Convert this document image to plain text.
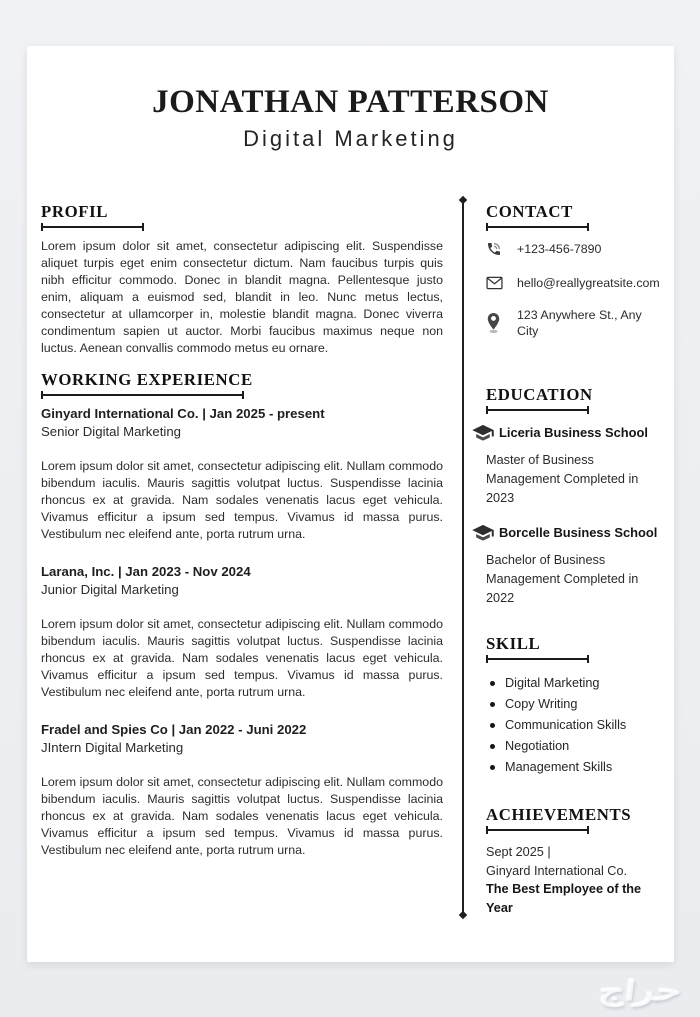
JONATHAN PATTERSON
Digital Marketing
PROFIL

Lorem ipsum dolor sit amet, consectetur adipiscing elit. Suspendisse aliquet turpis eget enim consectetur dictum. Nam faucibus turpis quis nibh efficitur commodo. Donec in blandit magna. Pellentesque justo enim, aliquam a euismod sed, blandit in leo. Nunc metus lectus, consectetur at ullamcorper in, molestie blandit magna. Donec viverra condimentum sapien ut auctor. Morbi faucibus maximus neque non luctus. Aenean convallis commodo metus eu ornare.

WORKING EXPERIENCE
Ginyard International Co. | Jan 2025 - present
Senior Digital Marketing

Lorem ipsum dolor sit amet, consectetur adipiscing elit. Nullam commodo bibendum iaculis. Mauris sagittis volutpat luctus. Suspendisse lacinia rhoncus ex at gravida. Nam sodales venenatis lacus eget vehicula. Vivamus efficitur a ipsum sed tempus. Vivamus id massa purus. Vestibulum nec eleifend ante, porta rutrum urna.

Larana, Inc. | Jan 2023 - Nov 2024
Junior Digital Marketing

Lorem ipsum dolor sit amet, consectetur adipiscing elit. Nullam commodo bibendum iaculis. Mauris sagittis volutpat luctus. Suspendisse lacinia rhoncus ex at gravida. Nam sodales venenatis lacus eget vehicula. Vivamus efficitur a ipsum sed tempus. Vivamus id massa purus. Vestibulum nec eleifend ante, porta rutrum urna.

Fradel and Spies Co | Jan 2022 - Juni 2022
JIntern Digital Marketing

Lorem ipsum dolor sit amet, consectetur adipiscing elit. Nullam commodo bibendum iaculis. Mauris sagittis volutpat luctus. Suspendisse lacinia rhoncus ex at gravida. Nam sodales venenatis lacus eget vehicula. Vivamus efficitur a ipsum sed tempus. Vivamus id massa purus. Vestibulum nec eleifend ante, porta rutrum urna.

CONTACT
+123-456-7890
hello@reallygreatsite.com
123 Anywhere St., Any City
EDUCATION
Liceria Business School
Master of Business Management Completed in 2023
Borcelle Business School
Bachelor of Business Management Completed in 2022
SKILL
Digital Marketing
Copy Writing
Communication Skills
Negotiation
Management Skills
ACHIEVEMENTS
Sept 2025 |
Ginyard International Co.
The Best Employee of the Year
حراج
